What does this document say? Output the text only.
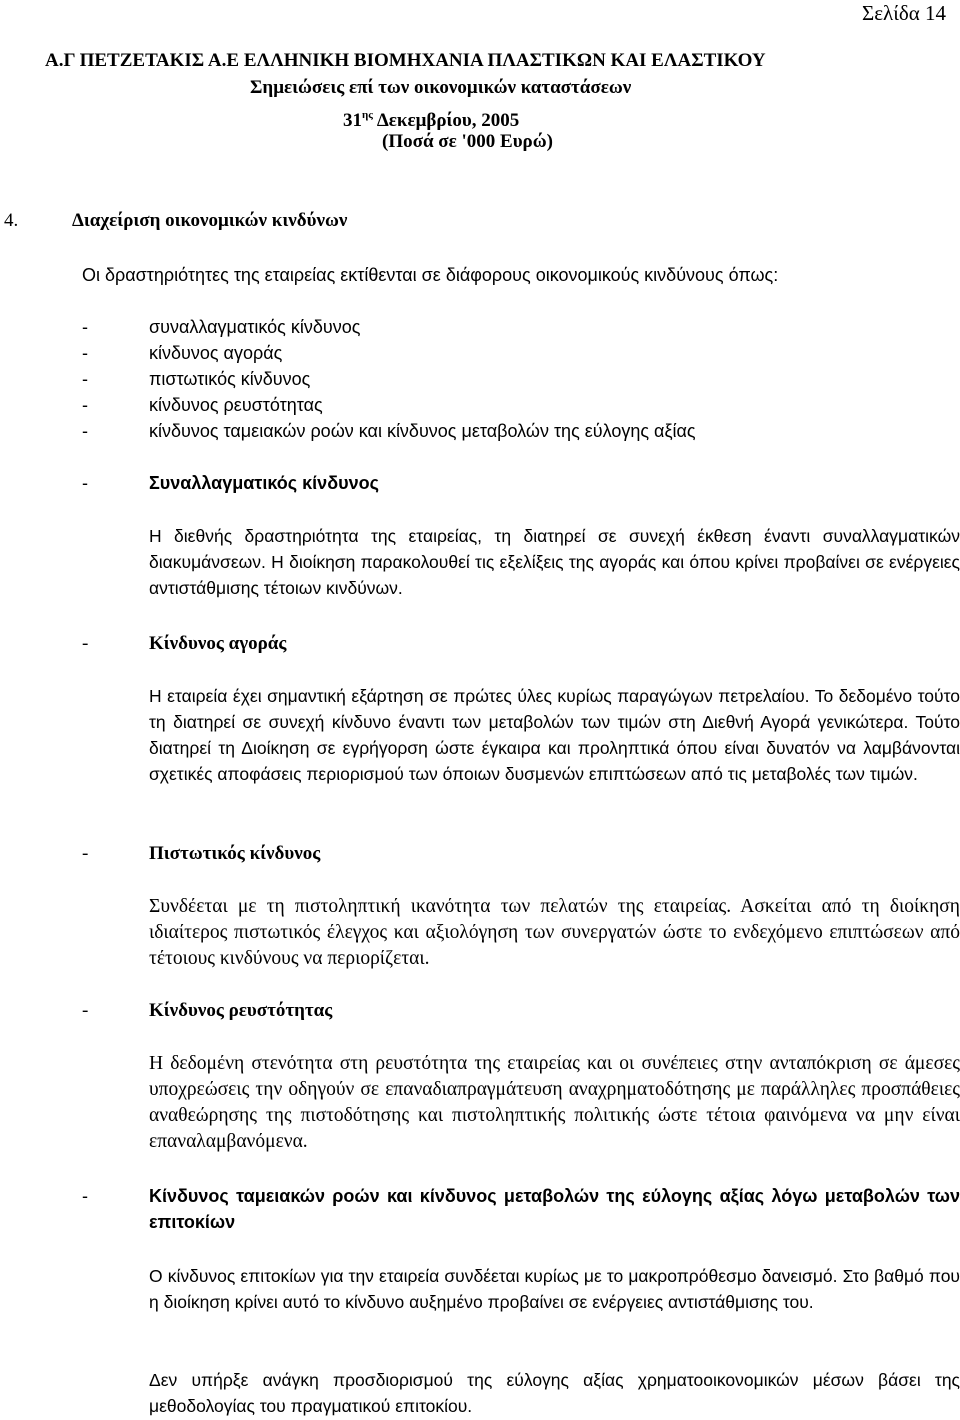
Σελίδα 14
Α.Γ ΠΕΤΖΕΤΑΚΙΣ Α.Ε ΕΛΛΗΝΙΚΗ ΒΙΟΜΗΧΑΝΙΑ ΠΛΑΣΤΙΚΩΝ ΚΑΙ ΕΛΑΣΤΙΚΟΥ
Σημειώσεις επί των οικονομικών καταστάσεων
$31^{\eta\varsigma}$ Δεκεμβρίου, 2005
(Ποσά σε '000 Ευρώ)
4.	Διαχείριση οικονομικών κινδύνων
Οι δραστηριότητες της εταιρείας εκτίθενται σε διάφορους οικονομικούς κινδύνους όπως:
-	συναλλαγματικός κίνδυνος
-	κίνδυνος αγοράς
-	πιστωτικός κίνδυνος
-	κίνδυνος ρευστότητας
-	κίνδυνος ταμειακών ροών και κίνδυνος μεταβολών της εύλογης αξίας
-	Συναλλαγματικός κίνδυνος
Η διεθνής δραστηριότητα της εταιρείας, τη διατηρεί σε συνεχή έκθεση έναντι συναλλαγματικών διακυμάνσεων. Η διοίκηση παρακολουθεί τις εξελίξεις της αγοράς και όπου κρίνει προβαίνει σε ενέργειες αντιστάθμισης τέτοιων κινδύνων.
-	Κίνδυνος αγοράς
Η εταιρεία έχει σημαντική εξάρτηση σε πρώτες ύλες κυρίως παραγώγων πετρελαίου. Το δεδομένο τούτο τη διατηρεί σε συνεχή κίνδυνο έναντι των μεταβολών των τιμών στη Διεθνή Αγορά γενικώτερα. Τούτο διατηρεί τη Διοίκηση σε εγρήγορση ώστε έγκαιρα και προληπτικά όπου είναι δυνατόν να λαμβάνονται σχετικές αποφάσεις περιορισμού των όποιων δυσμενών επιπτώσεων από τις μεταβολές των τιμών.
-	Πιστωτικός κίνδυνος
Συνδέεται με τη πιστοληπτική ικανότητα των πελατών της εταιρείας. Ασκείται από τη διοίκηση ιδιαίτερος πιστωτικός έλεγχος και αξιολόγηση των συνεργατών ώστε το ενδεχόμενο επιπτώσεων από τέτοιους κινδύνους να περιορίζεται.
-	Κίνδυνος ρευστότητας
Η δεδομένη στενότητα στη ρευστότητα της εταιρείας και οι συνέπειες στην ανταπόκριση σε άμεσες υποχρεώσεις την οδηγούν σε επαναδιαπραγμάτευση αναχρηματοδότησης με παράλληλες προσπάθειες αναθεώρησης της πιστοδότησης και πιστοληπτικής πολιτικής ώστε τέτοια φαινόμενα να μην είναι επαναλαμβανόμενα.
-	Κίνδυνος ταμειακών ροών και κίνδυνος μεταβολών της εύλογης αξίας λόγω μεταβολών των επιτοκίων
Ο κίνδυνος επιτοκίων για την εταιρεία συνδέεται κυρίως με το μακροπρόθεσμο δανεισμό. Στο βαθμό που η διοίκηση κρίνει αυτό το κίνδυνο αυξημένο προβαίνει σε ενέργειες αντιστάθμισης του.
Δεν υπήρξε ανάγκη προσδιορισμού της εύλογης αξίας χρηματοοικονομικών μέσων βάσει της μεθοδολογίας του πραγματικού επιτοκίου.
